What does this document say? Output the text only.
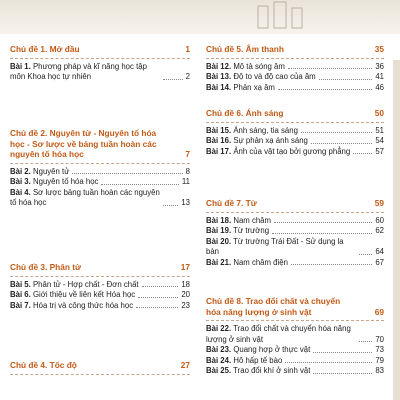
Chủ đề 1. Mở đầu	1
Bài 1. Phương pháp và kĩ năng học tập môn Khoa học tự nhiên	2
Chủ đề 2. Nguyên tử - Nguyên tố hóa học - Sơ lược về bảng tuần hoàn các nguyên tố hóa học	7
Bài 2. Nguyên tử	8
Bài 3. Nguyên tố hóa học	11
Bài 4. Sơ lược bảng tuần hoàn các nguyên tố hóa học	13
Chủ đề 3. Phân tử	17
Bài 5. Phân tử - Hợp chất - Đơn chất	18
Bài 6. Giới thiệu về liên kết Hóa học	20
Bài 7. Hóa trị và công thức hóa học	23
Chủ đề 4. Tốc độ	27
Chủ đề 5. Âm thanh	35
Bài 12. Mô tả sóng âm	36
Bài 13. Độ to và độ cao của âm	41
Bài 14. Phản xạ âm	46
Chủ đề 6. Ánh sáng	50
Bài 15. Ánh sáng, tia sáng	51
Bài 16. Sự phản xạ ánh sáng	54
Bài 17. Ảnh của vật tạo bởi gương phẳng	57
Chủ đề 7. Từ	59
Bài 18. Nam châm	60
Bài 19. Từ trường	62
Bài 20. Từ trường Trái Đất - Sử dụng la bàn	64
Bài 21. Nam châm điện	67
Chủ đề 8. Trao đổi chất và chuyển hóa năng lượng ở sinh vật	69
Bài 22. Trao đổi chất và chuyển hóa năng lượng ở sinh vật	70
Bài 23. Quang hợp ở thực vật	73
Bài 24. Hô hấp tế bào	79
Bài 25. Trao đổi khí ở sinh vật	83
